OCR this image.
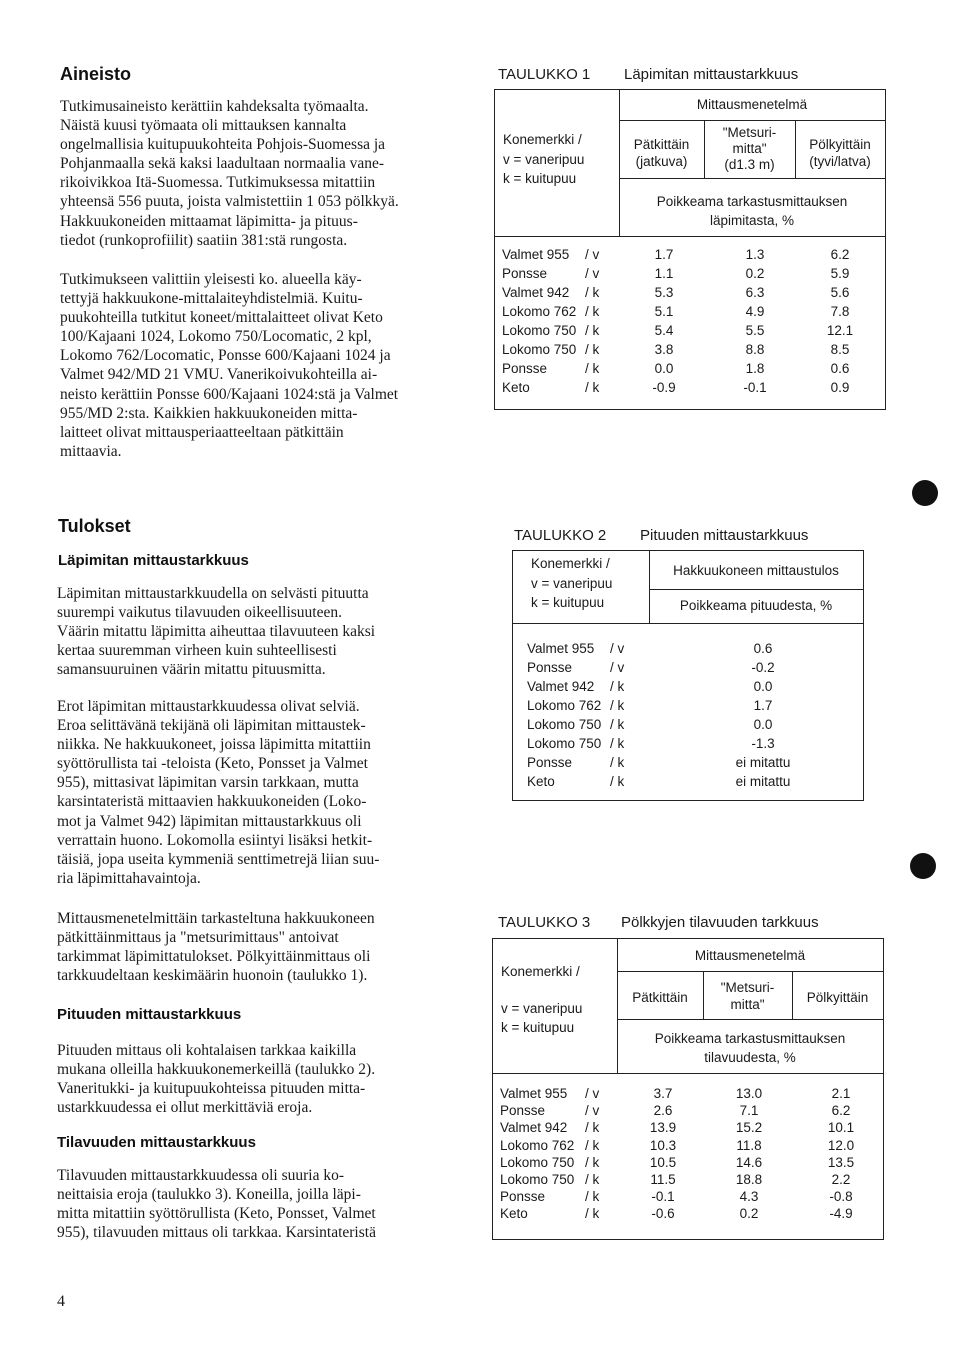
Aineisto
Tutkimusaineisto kerättiin kahdeksalta työmaalta.
Näistä kuusi työmaata oli mittauksen kannalta
ongelmallisia kuitupuukohteita Pohjois-Suomessa ja
Pohjanmaalla sekä kaksi laadultaan normaalia vane-
rikoivikkoa Itä-Suomessa. Tutkimuksessa mitattiin
yhteensä 556 puuta, joista valmistettiin 1 053 pölkkyä.
Hakkuukoneiden mittaamat läpimitta- ja pituus-
tiedot (runkoprofiilit) saatiin 381:stä rungosta.
Tutkimukseen valittiin yleisesti ko. alueella käy-
tettyjä hakkuukone-mittalaiteyhdistelmiä. Kuitu-
puukohteilla tutkitut koneet/mittalaitteet olivat Keto
100/Kajaani 1024, Lokomo 750/Locomatic, 2 kpl,
Lokomo 762/Locomatic, Ponsse 600/Kajaani 1024 ja
Valmet 942/MD 21 VMU. Vanerikoivukohteilla ai-
neisto kerättiin Ponsse 600/Kajaani 1024:stä ja Valmet
955/MD 2:sta. Kaikkien hakkuukoneiden mitta-
laitteet olivat mittausperiaatteeltaan pätkittäin
mittaavia.
Tulokset
Läpimitan mittaustarkkuus
Läpimitan mittaustarkkuudella on selvästi pituutta
suurempi vaikutus tilavuuden oikeellisuuteen.
Väärin mitattu läpimitta aiheuttaa tilavuuteen kaksi
kertaa suuremman virheen kuin suhteellisesti
samansuuruinen väärin mitattu pituusmitta.
Erot läpimitan mittaustarkkuudessa olivat selviä.
Eroa selittävänä tekijänä oli läpimitan mittaustek-
niikka. Ne hakkuukoneet, joissa läpimitta mitattiin
syöttörullista tai -teloista (Keto, Ponsset ja Valmet
955), mittasivat läpimitan varsin tarkkaan, mutta
karsintateristä mittaavien hakkuukoneiden (Loko-
mot ja Valmet 942) läpimitan mittaustarkkuus oli
verrattain huono. Lokomolla esiintyi lisäksi hetkit-
täisiä, jopa useita kymmeniä senttimetrejä liian suu-
ria läpimittahavaintoja.
Mittausmenetelmittäin tarkasteltuna hakkuukoneen
pätkittäinmittaus ja "metsurimittaus" antoivat
tarkimmat läpimittatulokset. Pölkyittäinmittaus oli
tarkkuudeltaan keskimäärin huonoin (taulukko 1).
Pituuden mittaustarkkuus
Pituuden mittaus oli kohtalaisen tarkkaa kaikilla
mukana olleilla hakkuukonemerkeillä (taulukko 2).
Vaneritukki- ja kuitupuukohteissa pituuden mitta-
ustarkkuudessa ei ollut merkittäviä eroja.
Tilavuuden mittaustarkkuus
Tilavuuden mittaustarkkuudessa oli suuria ko-
neittaisia eroja (taulukko 3). Koneilla, joilla läpi-
mitta mitattiin syöttörullista (Keto, Ponsset, Valmet
955), tilavuuden mittaus oli tarkkaa. Karsintateristä
4
TAULUKKO 1 Läpimitan mittaustarkkuus
Mittausmenetelmä
Konemerkki /
v = vaneripuu
k = kuitupuu
Pätkittäin
(jatkuva)
"Metsuri-
mitta"
(d1.3 m)
Pölkyittäin
(tyvi/latva)
Poikkeama tarkastusmittauksen
läpimitasta, %
Valmet 955
Ponsse
Valmet 942
Lokomo 762
Lokomo 750
Lokomo 750
Ponsse
Keto
/ v
/ v
/ k
/ k
/ k
/ k
/ k
/ k
1.7
1.1
5.3
5.1
5.4
3.8
0.0
-0.9
1.3
0.2
6.3
4.9
5.5
8.8
1.8
-0.1
6.2
5.9
5.6
7.8
12.1
8.5
0.6
0.9
TAULUKKO 2 Pituuden mittaustarkkuus
Konemerkki /
v = vaneripuu
k = kuitupuu
Hakkuukoneen mittaustulos
Poikkeama pituudesta, %
Valmet 955
Ponsse
Valmet 942
Lokomo 762
Lokomo 750
Lokomo 750
Ponsse
Keto
/ v
/ v
/ k
/ k
/ k
/ k
/ k
/ k
0.6
-0.2
0.0
1.7
0.0
-1.3
ei mitattu
ei mitattu
TAULUKKO 3 Pölkkyjen tilavuuden tarkkuus
Mittausmenetelmä
Konemerkki /
v = vaneripuu
k = kuitupuu
Pätkittäin
"Metsuri-
mitta"	Pölkyittäin
Poikkeama tarkastusmittauksen
tilavuudesta, %
Valmet 955
Ponsse
Valmet 942
Lokomo 762
Lokomo 750
Lokomo 750
Ponsse
Keto
/ v
/ v
/ k
/ k
/ k
/ k
/ k
/ k
3.7
2.6
13.9
10.3
10.5
11.5
-0.1
-0.6
13.0
7.1
15.2
11.8
14.6
18.8
4.3
0.2
2.1
6.2
10.1
12.0
13.5
2.2
-0.8
-4.9
